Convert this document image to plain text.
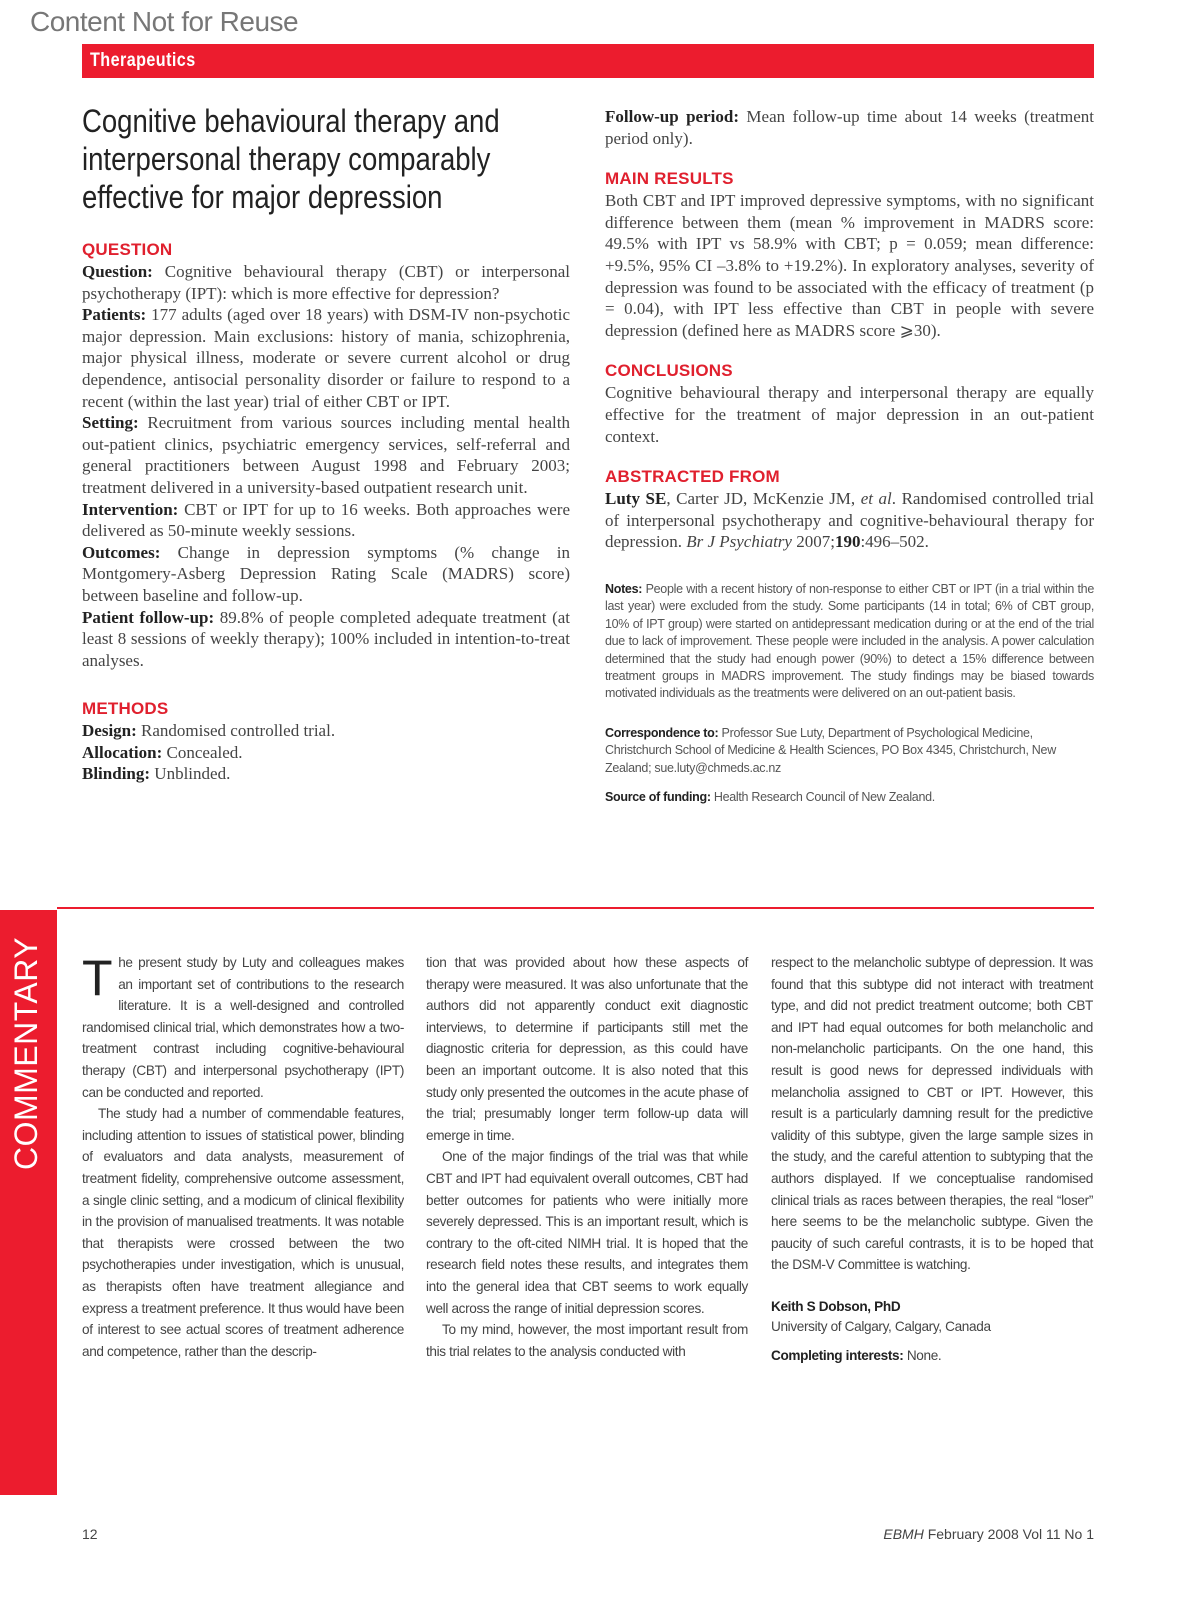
Content Not for Reuse
Therapeutics
Cognitive behavioural therapy and interpersonal therapy comparably effective for major depression
QUESTION

Question: Cognitive behavioural therapy (CBT) or interpersonal psychotherapy (IPT): which is more effective for depression?

Patients: 177 adults (aged over 18 years) with DSM-IV non-psychotic major depression. Main exclusions: history of mania, schizophrenia, major physical illness, moderate or severe current alcohol or drug dependence, antisocial personality disorder or failure to respond to a recent (within the last year) trial of either CBT or IPT.

Setting: Recruitment from various sources including mental health out-patient clinics, psychiatric emergency services, self-referral and general practitioners between August 1998 and February 2003; treatment delivered in a university-based outpatient research unit.

Intervention: CBT or IPT for up to 16 weeks. Both approaches were delivered as 50-minute weekly sessions.

Outcomes: Change in depression symptoms (% change in Montgomery-Asberg Depression Rating Scale (MADRS) score) between baseline and follow-up.

Patient follow-up: 89.8% of people completed adequate treatment (at least 8 sessions of weekly therapy); 100% included in intention-to-treat analyses.

METHODS

Design: Randomised controlled trial.

Allocation: Concealed.

Blinding: Unblinded.

Follow-up period: Mean follow-up time about 14 weeks (treatment period only).

MAIN RESULTS

Both CBT and IPT improved depressive symptoms, with no significant difference between them (mean % improvement in MADRS score: 49.5% with IPT vs 58.9% with CBT; p = 0.059; mean difference: +9.5%, 95% CI –3.8% to +19.2%). In exploratory analyses, severity of depression was found to be associated with the efficacy of treatment (p = 0.04), with IPT less effective than CBT in people with severe depression (defined here as MADRS score ⩾30).

CONCLUSIONS

Cognitive behavioural therapy and interpersonal therapy are equally effective for the treatment of major depression in an out-patient context.

ABSTRACTED FROM

Luty SE, Carter JD, McKenzie JM, et al. Randomised controlled trial of interpersonal psychotherapy and cognitive-behavioural therapy for depression. Br J Psychiatry 2007;190:496–502.

Notes: People with a recent history of non-response to either CBT or IPT (in a trial within the last year) were excluded from the study. Some participants (14 in total; 6% of CBT group, 10% of IPT group) were started on antidepressant medication during or at the end of the trial due to lack of improvement. These people were included in the analysis. A power calculation determined that the study had enough power (90%) to detect a 15% difference between treatment groups in MADRS improvement. The study findings may be biased towards motivated individuals as the treatments were delivered on an out-patient basis.

Correspondence to: Professor Sue Luty, Department of Psychological Medicine, Christchurch School of Medicine & Health Sciences, PO Box 4345, Christchurch, New Zealand; sue.luty@chmeds.ac.nz

Source of funding: Health Research Council of New Zealand.

COMMENTARY The present study by Luty and colleagues makes an important set of contributions to the research literature. It is a well-designed and controlled randomised clinical trial, which demonstrates how a two-treatment contrast including cognitive-behavioural therapy (CBT) and interpersonal psychotherapy (IPT) can be conducted and reported.

The study had a number of commendable features, including attention to issues of statistical power, blinding of evaluators and data analysts, measurement of treatment fidelity, comprehensive outcome assessment, a single clinic setting, and a modicum of clinical flexibility in the provision of manualised treatments. It was notable that therapists were crossed between the two psychotherapies under investigation, which is unusual, as therapists often have treatment allegiance and express a treatment preference. It thus would have been of interest to see actual scores of treatment adherence and competence, rather than the descrip-

tion that was provided about how these aspects of therapy were measured. It was also unfortunate that the authors did not apparently conduct exit diagnostic interviews, to determine if participants still met the diagnostic criteria for depression, as this could have been an important outcome. It is also noted that this study only presented the outcomes in the acute phase of the trial; presumably longer term follow-up data will emerge in time.

One of the major findings of the trial was that while CBT and IPT had equivalent overall outcomes, CBT had better outcomes for patients who were initially more severely depressed. This is an important result, which is contrary to the oft-cited NIMH trial. It is hoped that the research field notes these results, and integrates them into the general idea that CBT seems to work equally well across the range of initial depression scores.

To my mind, however, the most important result from this trial relates to the analysis conducted with

respect to the melancholic subtype of depression. It was found that this subtype did not interact with treatment type, and did not predict treatment outcome; both CBT and IPT had equal outcomes for both melancholic and non-melancholic participants. On the one hand, this result is good news for depressed individuals with melancholia assigned to CBT or IPT. However, this result is a particularly damning result for the predictive validity of this subtype, given the large sample sizes in the study, and the careful attention to subtyping that the authors displayed. If we conceptualise randomised clinical trials as races between therapies, the real “loser” here seems to be the melancholic subtype. Given the paucity of such careful contrasts, it is to be hoped that the DSM-V Committee is watching.

Keith S Dobson, PhD

University of Calgary, Calgary, Canada

Completing interests: None.

12	EBMH February 2008 Vol 11 No 1
